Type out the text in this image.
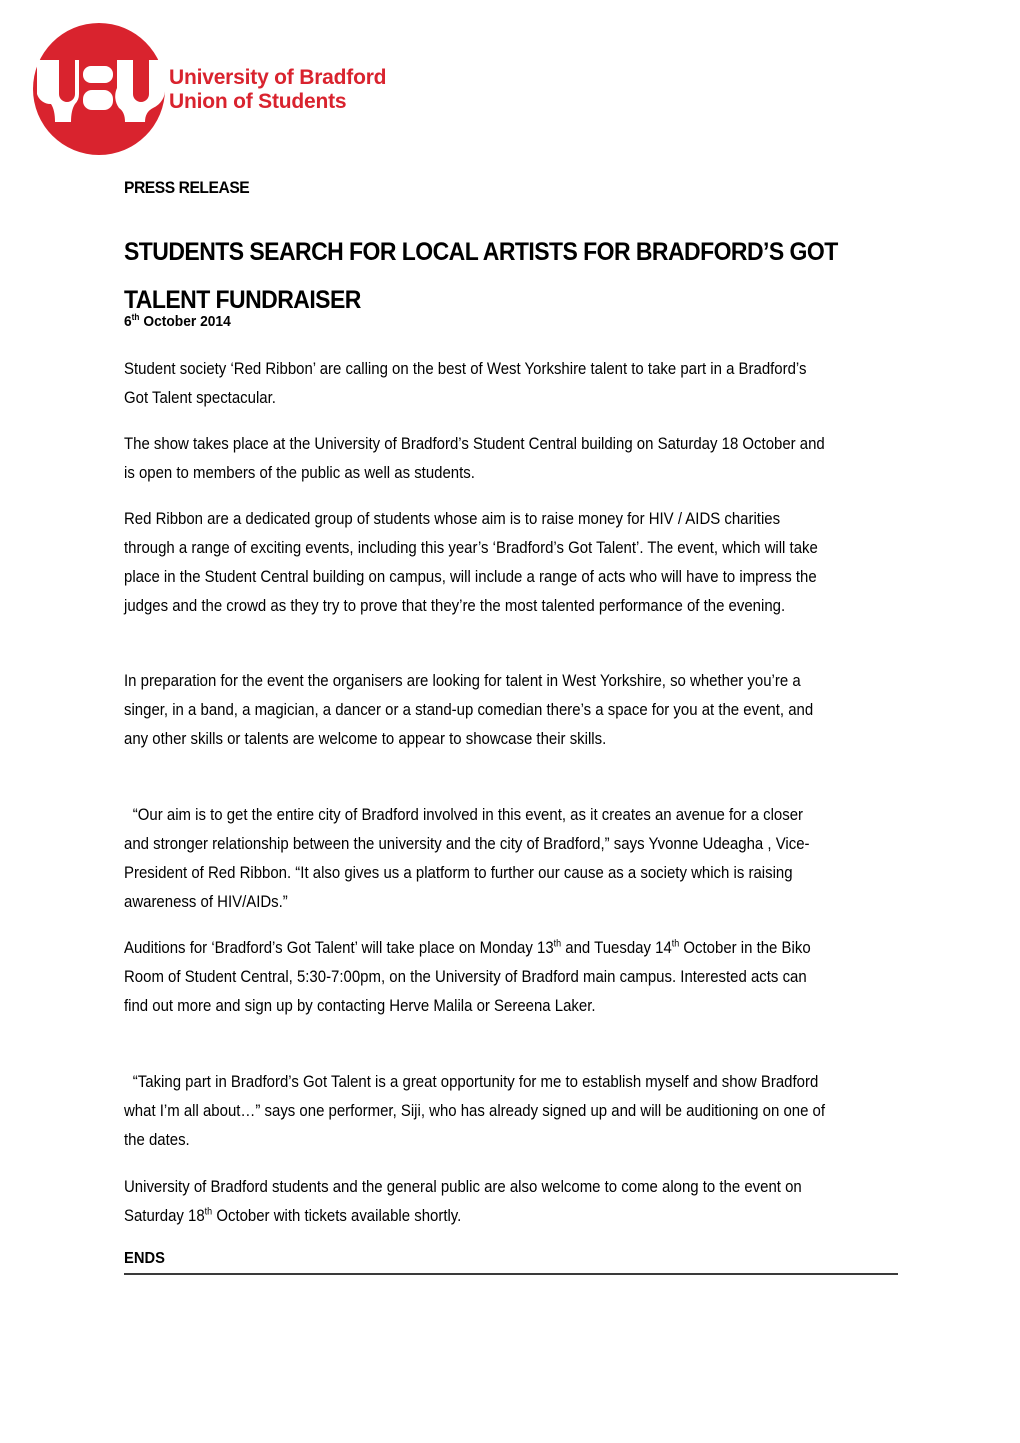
University of Bradford
Union of Students
PRESS RELEASE
STUDENTS SEARCH FOR LOCAL ARTISTS FOR BRADFORD’S GOT TALENT FUNDRAISER
6th October 2014

Student society ‘Red Ribbon’ are calling on the best of West Yorkshire talent to take part in a Bradford’s Got Talent spectacular.

The show takes place at the University of Bradford’s Student Central building on Saturday 18 October and is open to members of the public as well as students.

Red Ribbon are a dedicated group of students whose aim is to raise money for HIV / AIDS charities through a range of exciting events, including this year’s ‘Bradford’s Got Talent’. The event, which will take place in the Student Central building on campus, will include a range of acts who will have to impress the judges and the crowd as they try to prove that they’re the most talented performance of the evening.

In preparation for the event the organisers are looking for talent in West Yorkshire, so whether you’re a singer, in a band, a magician, a dancer or a stand-up comedian there’s a space for you at the event, and any other skills or talents are welcome to appear to showcase their skills.

“Our aim is to get the entire city of Bradford involved in this event, as it creates an avenue for a closer and stronger relationship between the university and the city of Bradford,” says Yvonne Udeagha , Vice-President of Red Ribbon. “It also gives us a platform to further our cause as a society which is raising awareness of HIV/AIDs.”

Auditions for ‘Bradford’s Got Talent’ will take place on Monday 13th and Tuesday 14th October in the Biko Room of Student Central, 5:30-7:00pm, on the University of Bradford main campus. Interested acts can find out more and sign up by contacting Herve Malila or Sereena Laker.

“Taking part in Bradford’s Got Talent is a great opportunity for me to establish myself and show Bradford what I’m all about…” says one performer, Siji, who has already signed up and will be auditioning on one of the dates.

University of Bradford students and the general public are also welcome to come along to the event on Saturday 18th October with tickets available shortly.

ENDS
